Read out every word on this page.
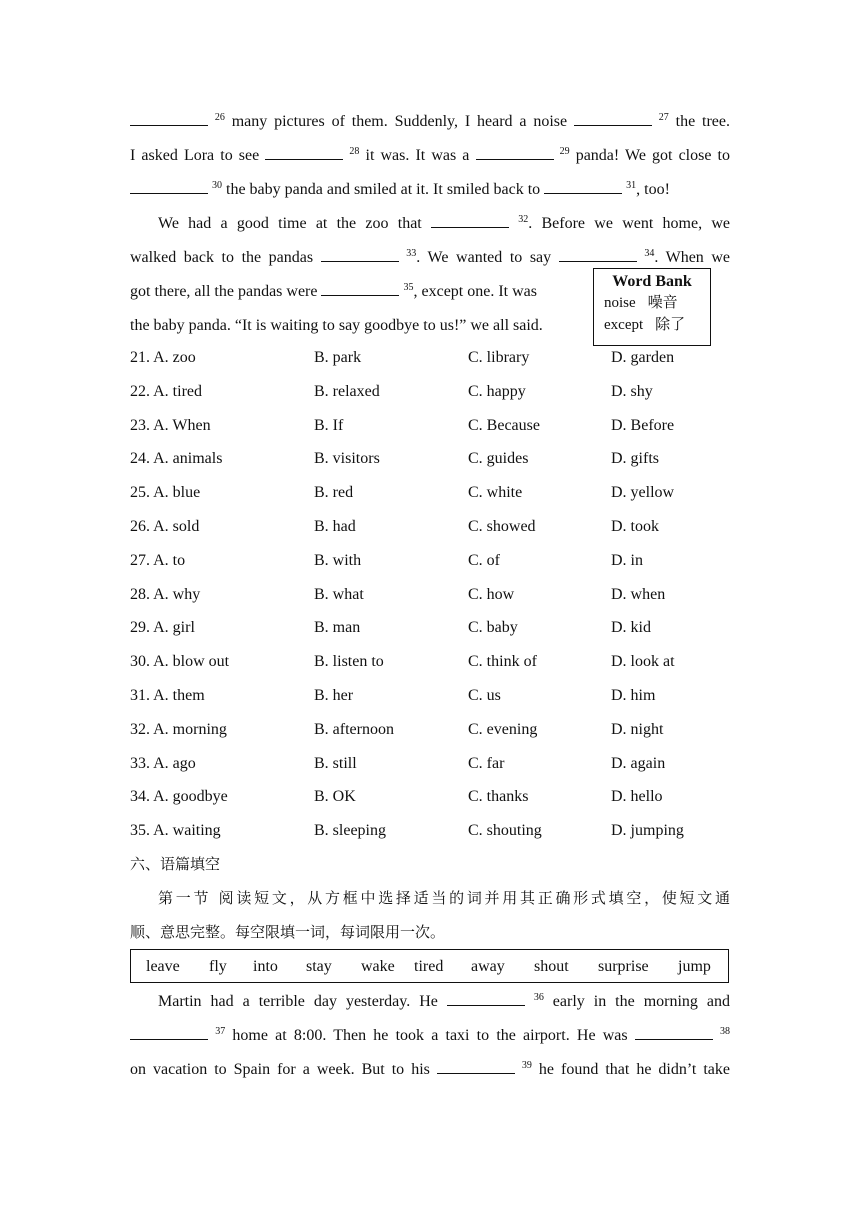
$^{26}$ many pictures of them. Suddenly, I heard a noise	$^{27}$ the tree.
I asked Lora to see	$^{28}$ it was. It was a	$^{29}$ panda! We got close to
$^{30}$ the baby panda and smiled at it. It smiled back to	$^{31}$, too!
We had a good time at the zoo that	$^{32}$. Before we went home, we
walked back to the pandas	$^{33}$. We wanted to say	$^{34}$. When we
got there, all the pandas were	$^{35}$, except one. It was
the baby panda. “It is waiting to say goodbye to us!” we all said.
Word Bank
noise 噪音
except 除了
21. A. zoo	B. park	C. library	D. garden
22. A. tired	B. relaxed	C. happy	D. shy
23. A. When	B. If	C. Because	D. Before
24. A. animals	B. visitors	C. guides	D. gifts
25. A. blue	B. red	C. white	D. yellow
26. A. sold	B. had	C. showed	D. took
27. A. to	B. with	C. of	D. in
28. A. why	B. what	C. how	D. when
29. A. girl	B. man	C. baby	D. kid
30. A. blow out	B. listen to	C. think of	D. look at
31. A. them	B. her	C. us	D. him
32. A. morning	B. afternoon	C. evening	D. night
33. A. ago	B. still	C. far	D. again
34. A. goodbye	B. OK	C. thanks	D. hello
35. A. waiting	B. sleeping	C. shouting	D. jumping
六、语篇填空
第一节 阅读短文，从方框中选择适当的词并用其正确形式填空，使短文通
顺、意思完整。每空限填一词，每词限用一次。
leave fly into stay wake tired away shout surprise jump
Martin had a terrible day yesterday. He	$^{36}$ early in the morning and
$^{37}$ home at 8:00. Then he took a taxi to the airport. He was	$^{38}$
on vacation to Spain for a week. But to his	$^{39}$ he found that he didn’t take
